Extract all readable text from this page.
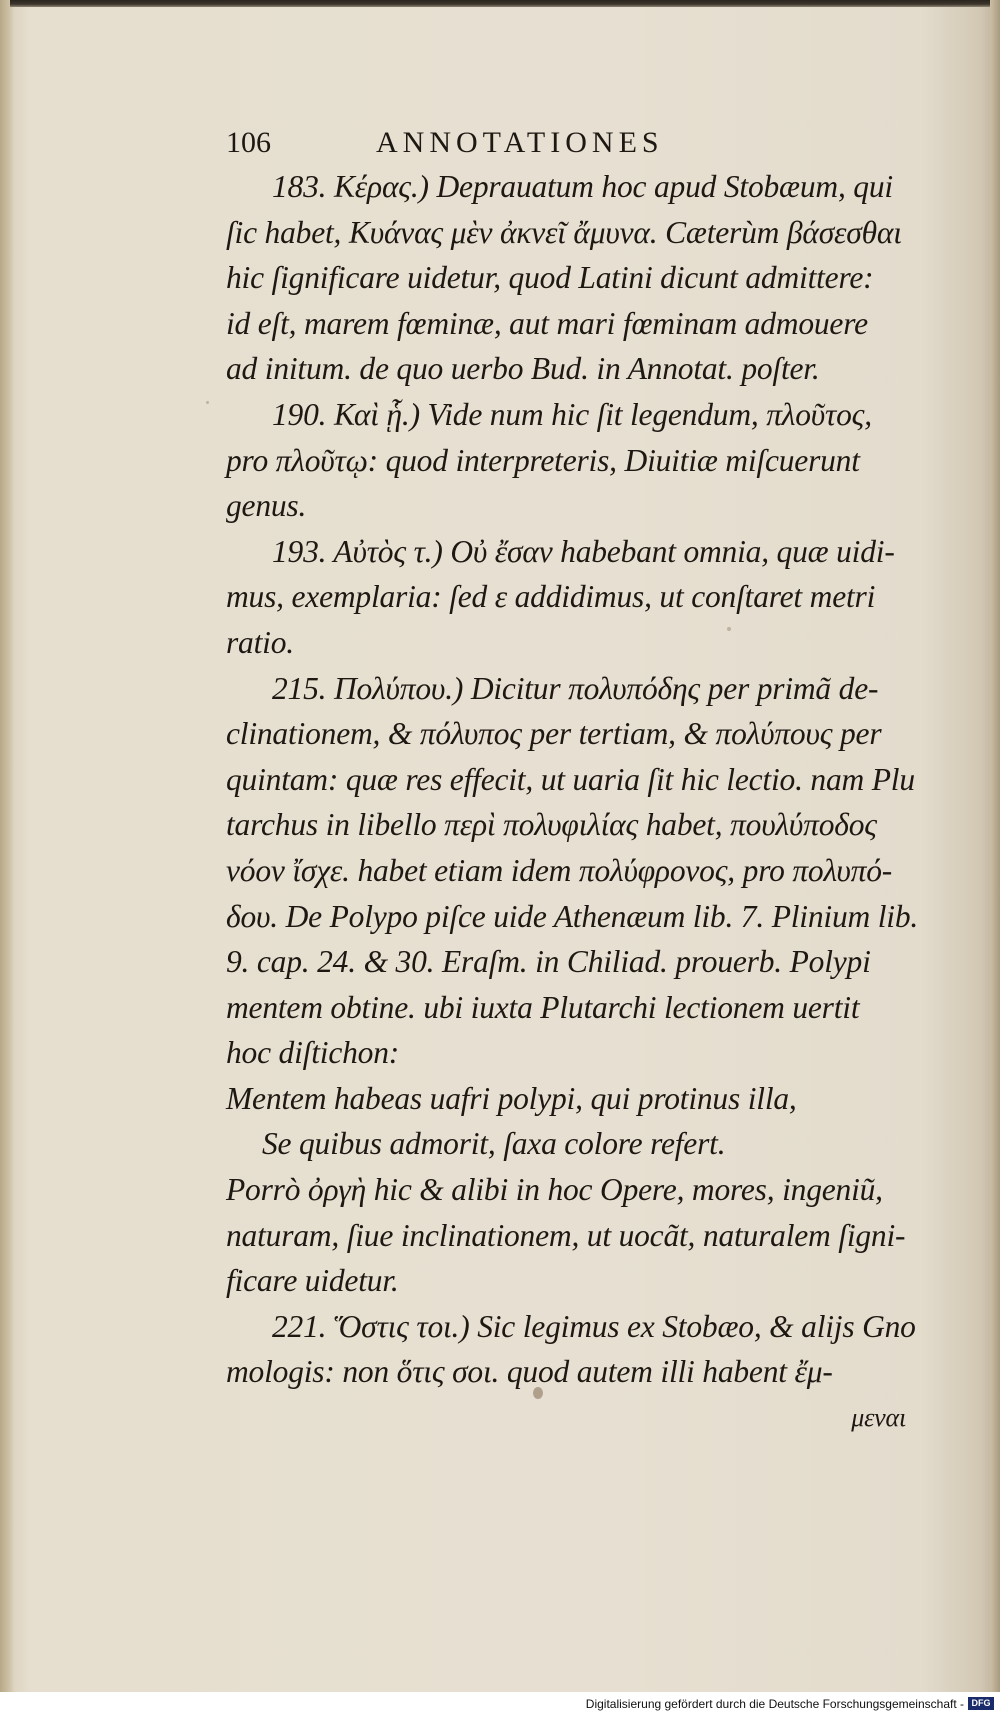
106	ANNOTATIONES
183. Κέρας.) Deprauatum hoc apud Stobæum, qui
ſic habet, Κυάνας μὲν ἀκνεῖ ἄμυνα. Cæterùm βάσεσθαι
hic ſignificare uidetur, quod Latini dicunt admittere:
id eſt, marem fœminæ, aut mari fœminam admouere
ad initum. de quo uerbo Bud. in Annotat. poſter.
190. Καὶ ᾗ.) Vide num hic ſit legendum, πλοῦτος,
pro πλοῦτῳ: quod interpreteris, Diuitiæ miſcuerunt
genus.
193. Αὐτὸς τ.) Οὐ ἔσαν habebant omnia, quæ uidi-
mus, exemplaria: ſed ε addidimus, ut conſtaret metri
ratio.
215. Πολύπου.) Dicitur πολυπόδης per primã de-
clinationem, & πόλυπος per tertiam, & πολύπους per
quintam: quæ res effecit, ut uaria ſit hic lectio. nam Plu
tarchus in libello περὶ πολυφιλίας habet, πουλύποδος
νόον ἴσχε. habet etiam idem πολύφρονος, pro πολυπό-
δου. De Polypo piſce uide Athenæum lib. 7. Plinium lib.
9. cap. 24. & 30. Eraſm. in Chiliad. prouerb. Polypi
mentem obtine. ubi iuxta Plutarchi lectionem uertit
hoc diſtichon:
Mentem habeas uafri polypi, qui protinus illa,
Se quibus admorit, ſaxa colore refert.
Porrò ὀργὴ hic & alibi in hoc Opere, mores, ingeniũ,
naturam, ſiue inclinationem, ut uocãt, naturalem ſigni-
ficare uidetur.
221. Ὅστις τοι.) Sic legimus ex Stobæo, & alijs Gno
mologis: non ὅτις σοι. quod autem illi habent ἔμ-
μεναι
Digitalisierung gefördert durch die Deutsche Forschungsgemeinschaft - DFG
